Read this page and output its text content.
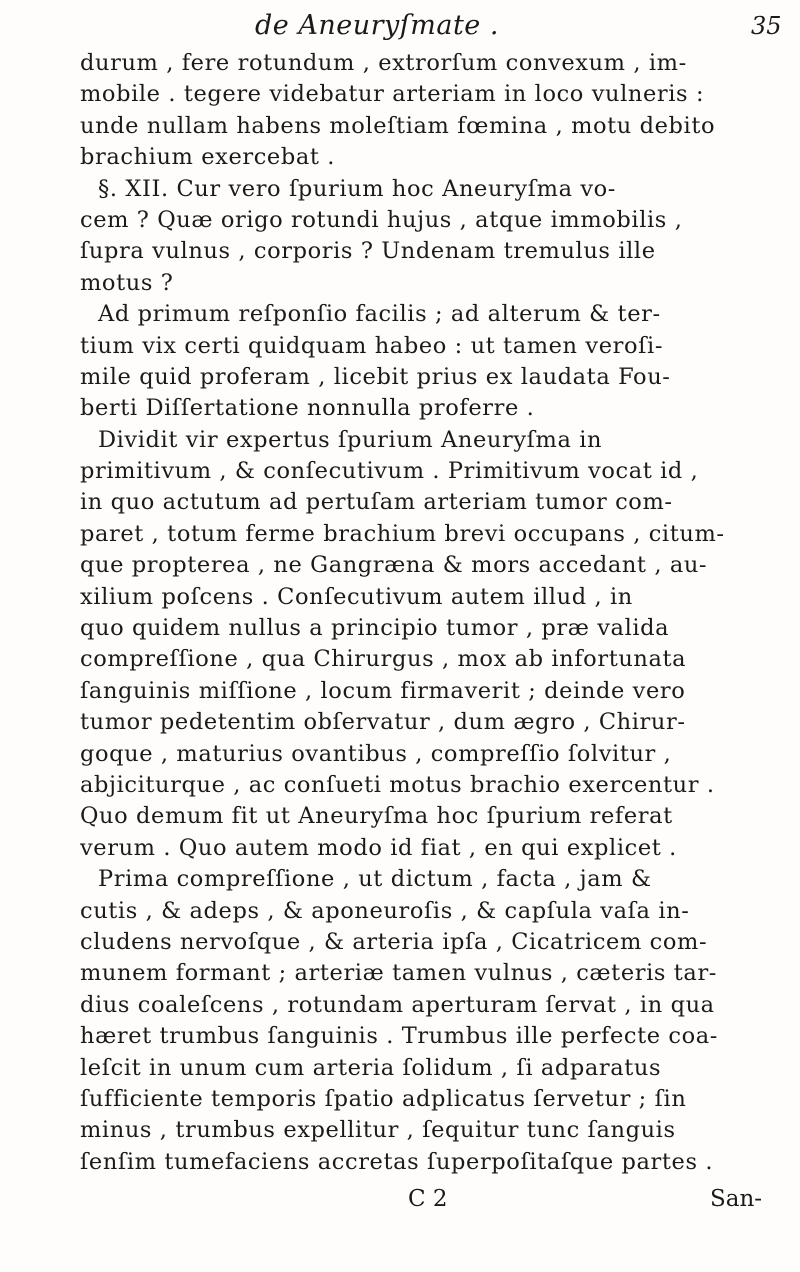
de Aneuryſmate .	35
durum , fere rotundum , extrorſum convexum , im-
mobile . tegere videbatur arteriam in loco vulneris :
unde nullam habens moleſtiam fœmina , motu debito
brachium exercebat .
§. XII. Cur vero ſpurium hoc Aneuryſma vo-
cem ? Quæ origo rotundi hujus , atque immobilis ,
ſupra vulnus , corporis ? Undenam tremulus ille
motus ?
Ad primum reſponſio facilis ; ad alterum & ter-
tium vix certi quidquam habeo : ut tamen veroſi-
mile quid proferam , licebit prius ex laudata Fou-
berti Diſſertatione nonnulla proferre .
Dividit vir expertus ſpurium Aneuryſma in
primitivum , & conſecutivum . Primitivum vocat id ,
in quo actutum ad pertuſam arteriam tumor com-
paret , totum ferme brachium brevi occupans , citum-
que propterea , ne Gangræna & mors accedant , au-
xilium poſcens . Conſecutivum autem illud , in
quo quidem nullus a principio tumor , præ valida
compreſſione , qua Chirurgus , mox ab infortunata
ſanguinis miſſione , locum firmaverit ; deinde vero
tumor pedetentim obſervatur , dum ægro , Chirur-
goque , maturius ovantibus , compreſſio ſolvitur ,
abjiciturque , ac conſueti motus brachio exercentur .
Quo demum fit ut Aneuryſma hoc ſpurium referat
verum . Quo autem modo id fiat , en qui explicet .
Prima compreſſione , ut dictum , facta , jam &
cutis , & adeps , & aponeuroſis , & capſula vaſa in-
cludens nervoſque , & arteria ipſa , Cicatricem com-
munem formant ; arteriæ tamen vulnus , cæteris tar-
dius coaleſcens , rotundam aperturam ſervat , in qua
hæret trumbus ſanguinis . Trumbus ille perfecte coa-
leſcit in unum cum arteria ſolidum , ſi adparatus
ſufficiente temporis ſpatio adplicatus ſervetur ; ſin
minus , trumbus expellitur , ſequitur tunc ſanguis
ſenſim tumefaciens accretas ſuperpoſitaſque partes .
C 2	San-
